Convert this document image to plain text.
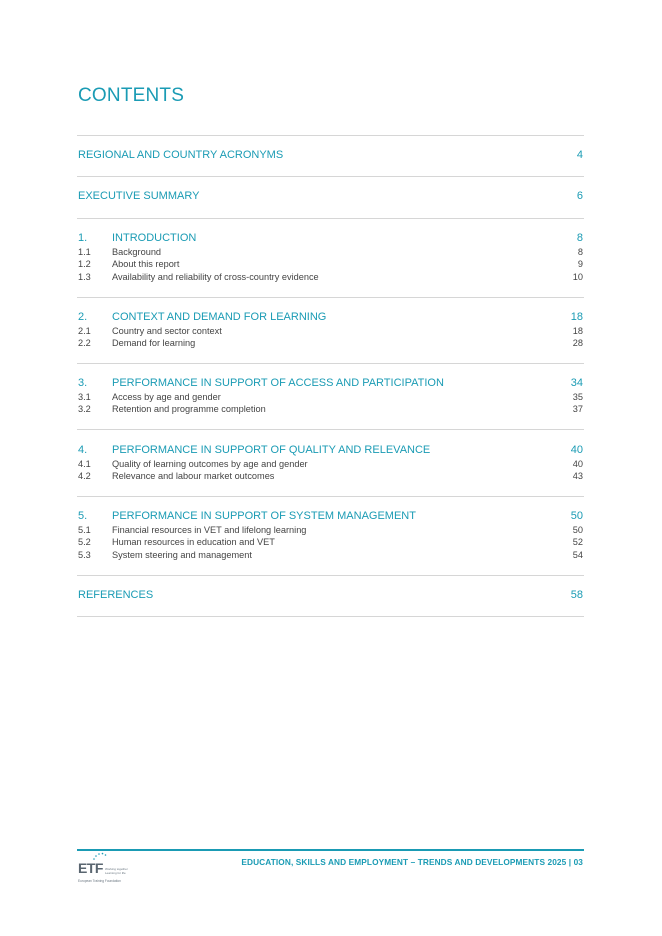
CONTENTS
REGIONAL AND COUNTRY ACRONYMS	4
EXECUTIVE SUMMARY	6
1. INTRODUCTION	8
1.1 Background	8
1.2 About this report	9
1.3 Availability and reliability of cross-country evidence	10
2. CONTEXT AND DEMAND FOR LEARNING	18
2.1 Country and sector context	18
2.2 Demand for learning	28
3. PERFORMANCE IN SUPPORT OF ACCESS AND PARTICIPATION	34
3.1 Access by age and gender	35
3.2 Retention and programme completion	37
4. PERFORMANCE IN SUPPORT OF QUALITY AND RELEVANCE	40
4.1 Quality of learning outcomes by age and gender	40
4.2 Relevance and labour market outcomes	43
5. PERFORMANCE IN SUPPORT OF SYSTEM MANAGEMENT	50
5.1 Financial resources in VET and lifelong learning	50
5.2 Human resources in education and VET	52
5.3 System steering and management	54
REFERENCES	58
ETF Working together
Learning for life
European Training Foundation
EDUCATION, SKILLS AND EMPLOYMENT – TRENDS AND DEVELOPMENTS 2025 | 03
